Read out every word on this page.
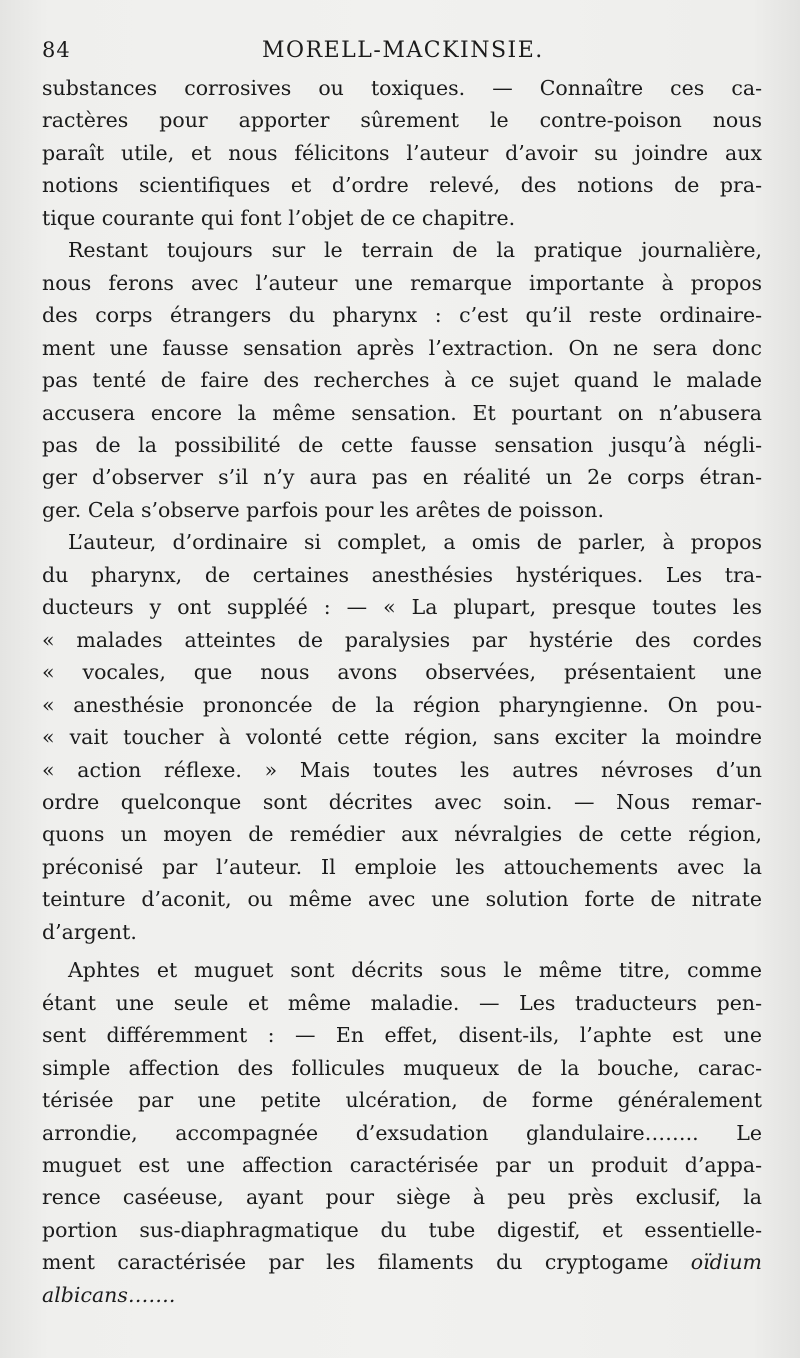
84	MORELL-MACKINSIE.
substances corrosives ou toxiques. — Connaître ces ca-
ractères pour apporter sûrement le contre-poison nous
paraît utile, et nous félicitons l’auteur d’avoir su joindre aux
notions scientifiques et d’ordre relevé, des notions de pra-
tique courante qui font l’objet de ce chapitre.
Restant toujours sur le terrain de la pratique journalière,
nous ferons avec l’auteur une remarque importante à propos
des corps étrangers du pharynx : c’est qu’il reste ordinaire-
ment une fausse sensation après l’extraction. On ne sera donc
pas tenté de faire des recherches à ce sujet quand le malade
accusera encore la même sensation. Et pourtant on n’abusera
pas de la possibilité de cette fausse sensation jusqu’à négli-
ger d’observer s’il n’y aura pas en réalité un 2e corps étran-
ger. Cela s’observe parfois pour les arêtes de poisson.
L’auteur, d’ordinaire si complet, a omis de parler, à propos
du pharynx, de certaines anesthésies hystériques. Les tra-
ducteurs y ont suppléé : — « La plupart, presque toutes les
« malades atteintes de paralysies par hystérie des cordes
« vocales, que nous avons observées, présentaient une
« anesthésie prononcée de la région pharyngienne. On pou-
« vait toucher à volonté cette région, sans exciter la moindre
« action réflexe. » Mais toutes les autres névroses d’un
ordre quelconque sont décrites avec soin. — Nous remar-
quons un moyen de remédier aux névralgies de cette région,
préconisé par l’auteur. Il emploie les attouchements avec la
teinture d’aconit, ou même avec une solution forte de nitrate
d’argent.
Aphtes et muguet sont décrits sous le même titre, comme
étant une seule et même maladie. — Les traducteurs pen-
sent différemment : — En effet, disent-ils, l’aphte est une
simple affection des follicules muqueux de la bouche, carac-
térisée par une petite ulcération, de forme généralement
arrondie, accompagnée d’exsudation glandulaire…….. Le
muguet est une affection caractérisée par un produit d’appa-
rence caséeuse, ayant pour siège à peu près exclusif, la
portion sus-diaphragmatique du tube digestif, et essentielle-
ment caractérisée par les filaments du cryptogame oïdium
albicans…….
